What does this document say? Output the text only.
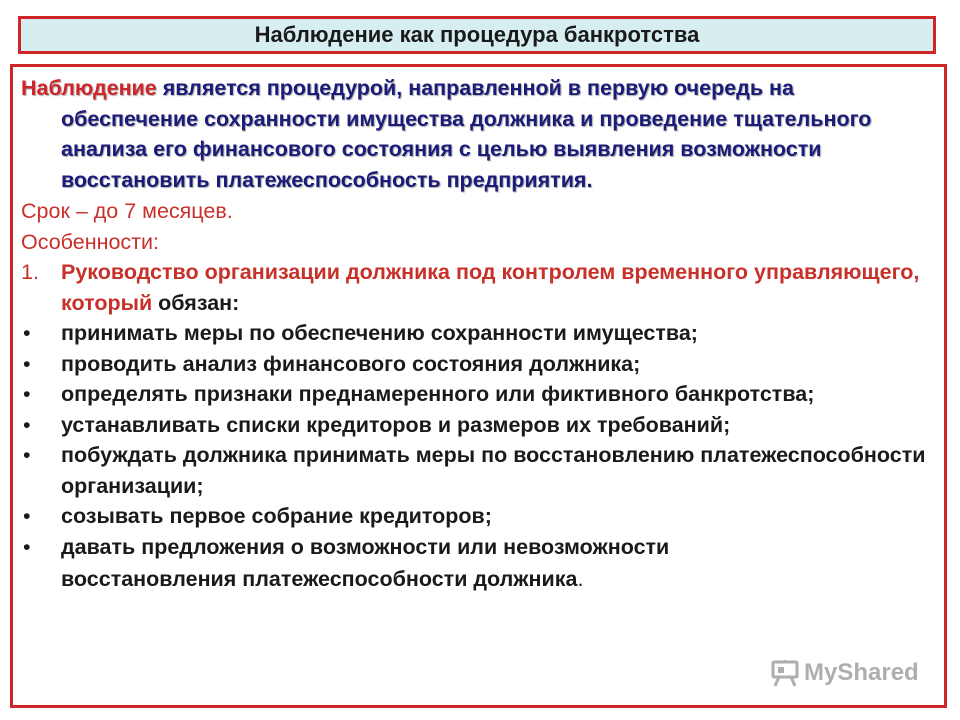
Наблюдение как процедура банкротства
Наблюдение является процедурой, направленной в первую очередь на обеспечение сохранности имущества должника и проведение тщательного анализа его финансового состояния с целью выявления возможности восстановить платежеспособность предприятия.
Срок – до 7 месяцев.
Особенности:
1.	Руководство организации должника под контролем временного управляющего, который обязан:
•	принимать меры по обеспечению сохранности имущества;
•	проводить анализ финансового состояния должника;
•	определять признаки преднамеренного или фиктивного банкротства;
•	устанавливать списки кредиторов и размеров их требований;
•	побуждать должника принимать меры по восстановлению платежеспособности организации;
•	созывать первое собрание кредиторов;
•	давать предложения о возможности или невозможности
восстановления платежеспособности должника.
MyShared
